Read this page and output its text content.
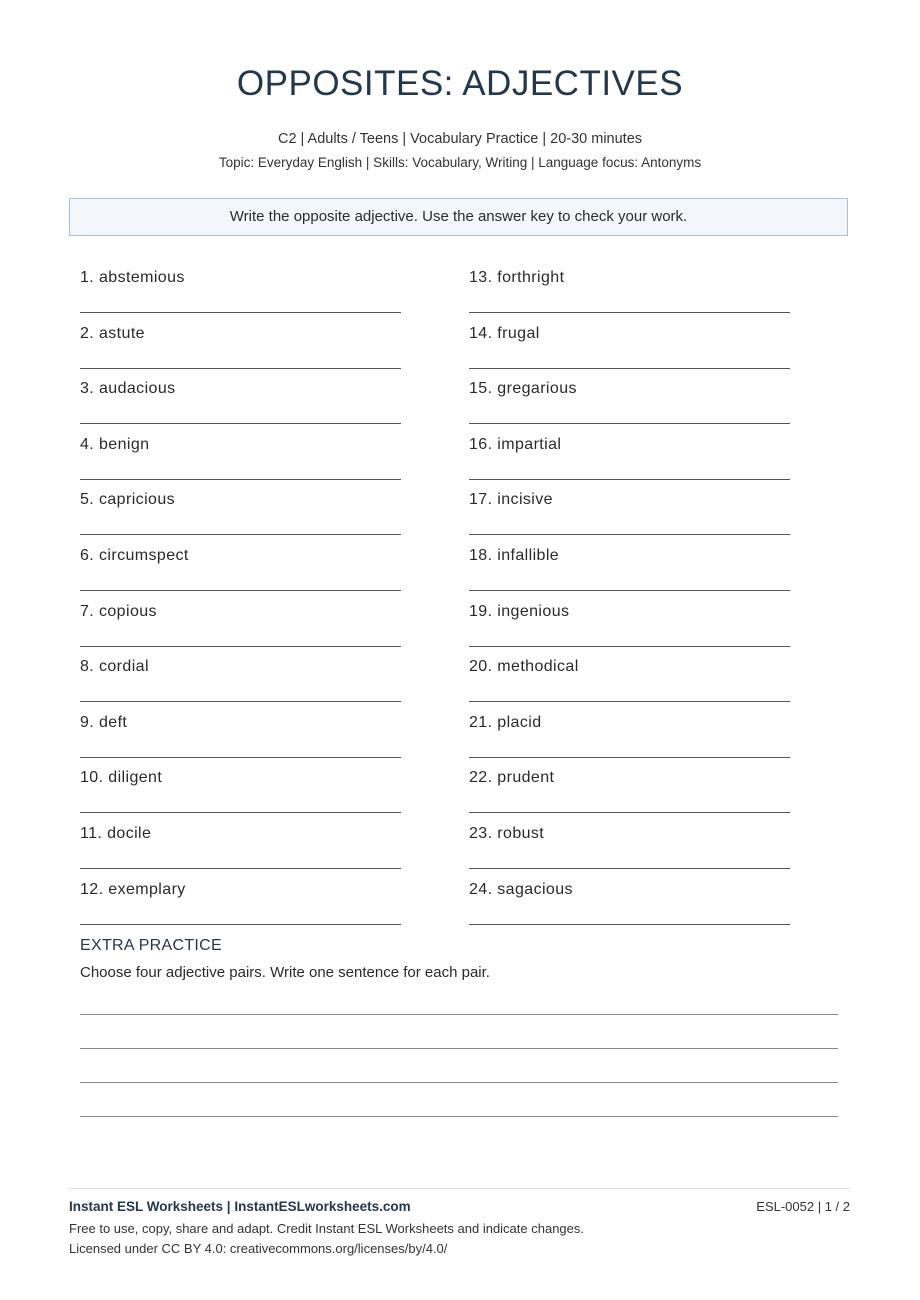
OPPOSITES: ADJECTIVES
C2 | Adults / Teens | Vocabulary Practice | 20-30 minutes
Topic: Everyday English | Skills: Vocabulary, Writing | Language focus: Antonyms
Write the opposite adjective. Use the answer key to check your work.
1. abstemious
2. astute
3. audacious
4. benign
5. capricious
6. circumspect
7. copious
8. cordial
9. deft
10. diligent
11. docile
12. exemplary
13. forthright
14. frugal
15. gregarious
16. impartial
17. incisive
18. infallible
19. ingenious
20. methodical
21. placid
22. prudent
23. robust
24. sagacious
EXTRA PRACTICE
Choose four adjective pairs. Write one sentence for each pair.
Instant ESL Worksheets | InstantESLworksheets.com	ESL-0052 | 1 / 2
Free to use, copy, share and adapt. Credit Instant ESL Worksheets and indicate changes.
Licensed under CC BY 4.0: creativecommons.org/licenses/by/4.0/
